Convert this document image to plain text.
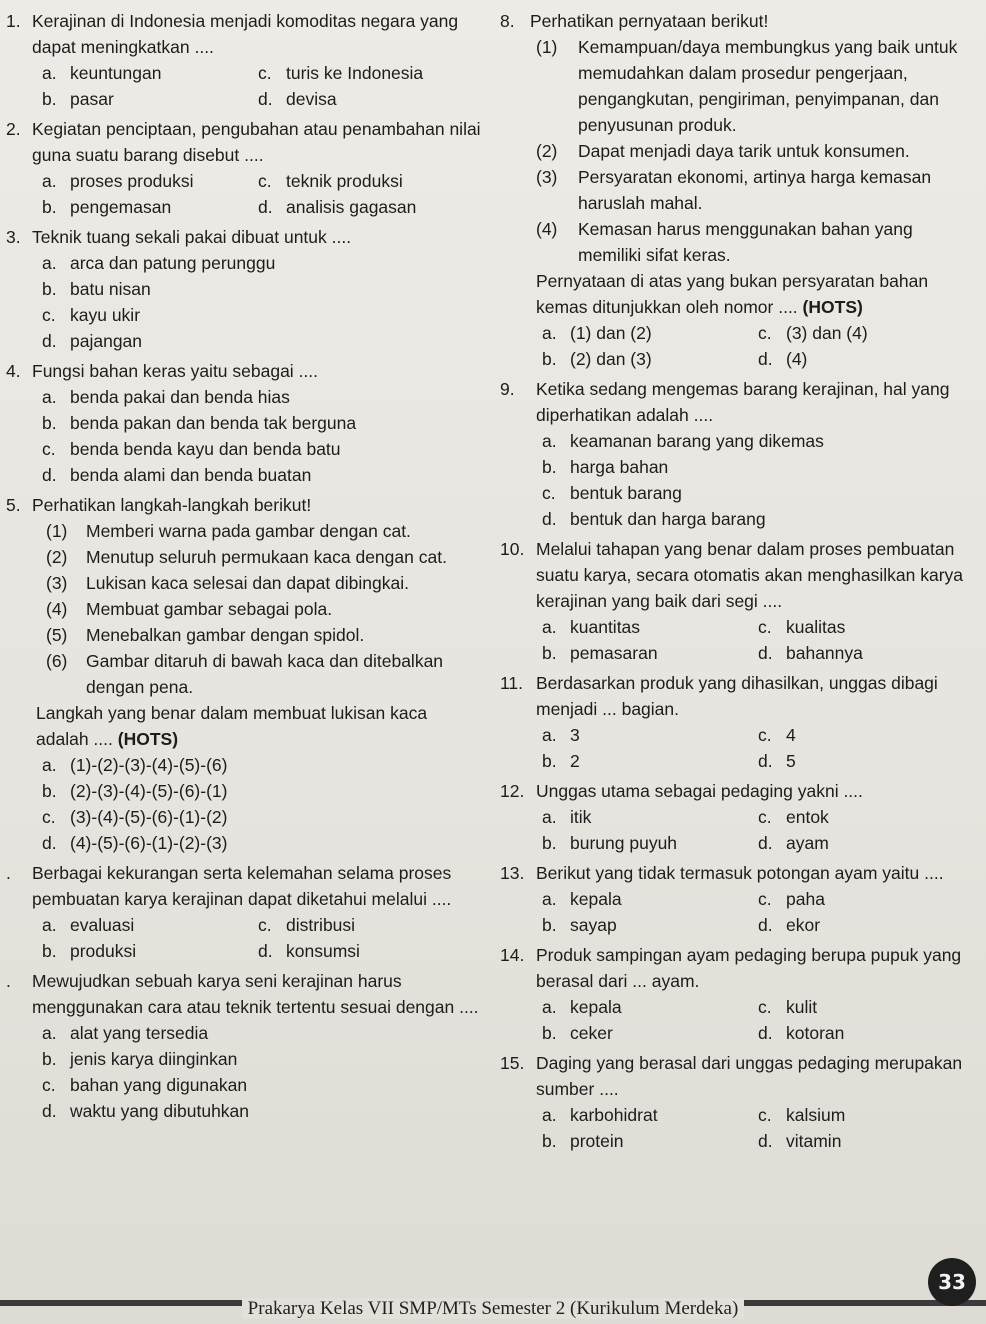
1. Kerajinan di Indonesia menjadi komoditas negara yang dapat meningkatkan ....
a. keuntungan	c. turis ke Indonesia
b. pasar	d. devisa
2. Kegiatan penciptaan, pengubahan atau penambahan nilai guna suatu barang disebut ....
a. proses produksi	c. teknik produksi
b. pengemasan	d. analisis gagasan
3. Teknik tuang sekali pakai dibuat untuk ....
a. arca dan patung perunggu
b. batu nisan
c. kayu ukir
d. pajangan
4. Fungsi bahan keras yaitu sebagai ....
a. benda pakai dan benda hias
b. benda pakan dan benda tak berguna
c. benda benda kayu dan benda batu
d. benda alami dan benda buatan
5. Perhatikan langkah-langkah berikut!
(1)	Memberi warna pada gambar dengan cat.
(2)	Menutup seluruh permukaan kaca dengan cat.
(3)	Lukisan kaca selesai dan dapat dibingkai.
(4)	Membuat gambar sebagai pola.
(5)	Menebalkan gambar dengan spidol.
(6)	Gambar ditaruh di bawah kaca dan ditebalkan dengan pena.
Langkah yang benar dalam membuat lukisan kaca adalah .... (HOTS)
a. (1)-(2)-(3)-(4)-(5)-(6)
b. (2)-(3)-(4)-(5)-(6)-(1)
c. (3)-(4)-(5)-(6)-(1)-(2)
d. (4)-(5)-(6)-(1)-(2)-(3)
.	Berbagai kekurangan serta kelemahan selama proses pembuatan karya kerajinan dapat diketahui melalui ....
a. evaluasi	c. distribusi
b. produksi	d. konsumsi
.	Mewujudkan sebuah karya seni kerajinan harus menggunakan cara atau teknik tertentu sesuai dengan ....
a. alat yang tersedia
b. jenis karya diinginkan
c. bahan yang digunakan
d. waktu yang dibutuhkan
8. Perhatikan pernyataan berikut!
(1)	Kemampuan/daya membungkus yang baik untuk memudahkan dalam prosedur pengerjaan, pengangkutan, pengiriman, penyimpanan, dan penyusunan produk.
(2)	Dapat menjadi daya tarik untuk konsumen.
(3)	Persyaratan ekonomi, artinya harga kemasan haruslah mahal.
(4)	Kemasan harus menggunakan bahan yang memiliki sifat keras.
Pernyataan di atas yang bukan persyaratan bahan kemas ditunjukkan oleh nomor .... (HOTS)
a. (1) dan (2)	c. (3) dan (4)
b. (2) dan (3)	d. (4)
9.	Ketika sedang mengemas barang kerajinan, hal yang diperhatikan adalah ....
a. keamanan barang yang dikemas
b. harga bahan
c. bentuk barang
d. bentuk dan harga barang
10. Melalui tahapan yang benar dalam proses pembuatan suatu karya, secara otomatis akan menghasilkan karya kerajinan yang baik dari segi ....
a. kuantitas	c. kualitas
b. pemasaran	d. bahannya
11. Berdasarkan produk yang dihasilkan, unggas dibagi menjadi ... bagian.
a. 3	c. 4
b. 2	d. 5
12. Unggas utama sebagai pedaging yakni ....
a. itik	c. entok
b. burung puyuh	d. ayam
13. Berikut yang tidak termasuk potongan ayam yaitu ....
a. kepala	c. paha
b. sayap	d. ekor
14. Produk sampingan ayam pedaging berupa pupuk yang berasal dari ... ayam.
a. kepala	c. kulit
b. ceker	d. kotoran
15. Daging yang berasal dari unggas pedaging merupakan sumber ....
a. karbohidrat	c. kalsium
b. protein	d. vitamin
Prakarya Kelas VII SMP/MTs Semester 2 (Kurikulum Merdeka)
33
